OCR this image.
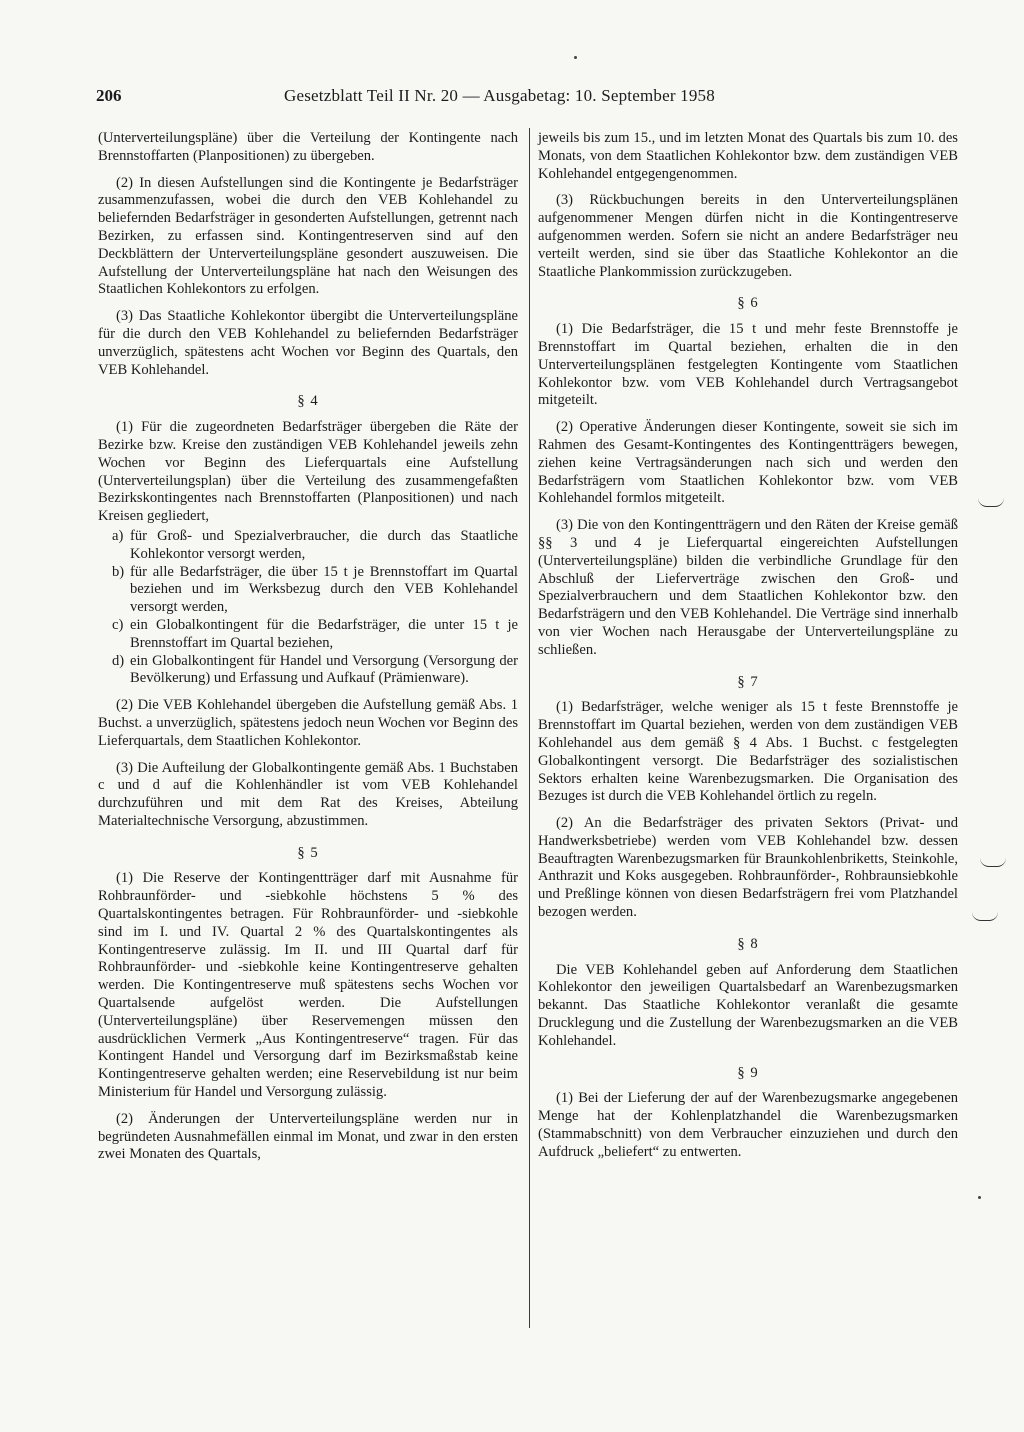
206	Gesetzblatt Teil II Nr. 20 — Ausgabetag: 10. September 1958

(Unterverteilungspläne) über die Verteilung der Kontingente nach Brennstoffarten (Planpositionen) zu übergeben.

(2) In diesen Aufstellungen sind die Kontingente je Bedarfsträger zusammenzufassen, wobei die durch den VEB Kohlehandel zu beliefernden Bedarfsträger in gesonderten Aufstellungen, getrennt nach Bezirken, zu erfassen sind. Kontingentreserven sind auf den Deckblättern der Unterverteilungspläne gesondert auszuweisen. Die Aufstellung der Unterverteilungspläne hat nach den Weisungen des Staatlichen Kohlekontors zu erfolgen.

(3) Das Staatliche Kohlekontor übergibt die Unterverteilungspläne für die durch den VEB Kohlehandel zu beliefernden Bedarfsträger unverzüglich, spätestens acht Wochen vor Beginn des Quartals, den VEB Kohlehandel.

§ 4

(1) Für die zugeordneten Bedarfsträger übergeben die Räte der Bezirke bzw. Kreise den zuständigen VEB Kohlehandel jeweils zehn Wochen vor Beginn des Lieferquartals eine Aufstellung (Unterverteilungsplan) über die Verteilung des zusammengefaßten Bezirkskontingentes nach Brennstoffarten (Planpositionen) und nach Kreisen gegliedert,

a) für Groß- und Spezialverbraucher, die durch das Staatliche Kohlekontor versorgt werden,
b) für alle Bedarfsträger, die über 15 t je Brennstoffart im Quartal beziehen und im Werksbezug durch den VEB Kohlehandel versorgt werden,
c) ein Globalkontingent für die Bedarfsträger, die unter 15 t je Brennstoffart im Quartal beziehen,
d) ein Globalkontingent für Handel und Versorgung (Versorgung der Bevölkerung) und Erfassung und Aufkauf (Prämienware).

(2) Die VEB Kohlehandel übergeben die Aufstellung gemäß Abs. 1 Buchst. a unverzüglich, spätestens jedoch neun Wochen vor Beginn des Lieferquartals, dem Staatlichen Kohlekontor.

(3) Die Aufteilung der Globalkontingente gemäß Abs. 1 Buchstaben c und d auf die Kohlenhändler ist vom VEB Kohlehandel durchzuführen und mit dem Rat des Kreises, Abteilung Materialtechnische Versorgung, abzustimmen.

§ 5

(1) Die Reserve der Kontingentträger darf mit Ausnahme für Rohbraunförder- und -siebkohle höchstens 5 % des Quartalskontingentes betragen. Für Rohbraunförder- und -siebkohle sind im I. und IV. Quartal 2 % des Quartalskontingentes als Kontingentreserve zulässig. Im II. und III Quartal darf für Rohbraunförder- und -siebkohle keine Kontingentreserve gehalten werden. Die Kontingentreserve muß spätestens sechs Wochen vor Quartalsende aufgelöst werden. Die Aufstellungen (Unterverteilungspläne) über Reservemengen müssen den ausdrücklichen Vermerk „Aus Kontingentreserve“ tragen. Für das Kontingent Handel und Versorgung darf im Bezirksmaßstab keine Kontingentreserve gehalten werden; eine Reservebildung ist nur beim Ministerium für Handel und Versorgung zulässig.

(2) Änderungen der Unterverteilungspläne werden nur in begründeten Ausnahmefällen einmal im Monat, und zwar in den ersten zwei Monaten des Quartals,

jeweils bis zum 15., und im letzten Monat des Quartals bis zum 10. des Monats, von dem Staatlichen Kohlekontor bzw. dem zuständigen VEB Kohlehandel entgegengenommen.

(3) Rückbuchungen bereits in den Unterverteilungsplänen aufgenommener Mengen dürfen nicht in die Kontingentreserve aufgenommen werden. Sofern sie nicht an andere Bedarfsträger neu verteilt werden, sind sie über das Staatliche Kohlekontor an die Staatliche Plankommission zurückzugeben.

§ 6

(1) Die Bedarfsträger, die 15 t und mehr feste Brennstoffe je Brennstoffart im Quartal beziehen, erhalten die in den Unterverteilungsplänen festgelegten Kontingente vom Staatlichen Kohlekontor bzw. vom VEB Kohlehandel durch Vertragsangebot mitgeteilt.

(2) Operative Änderungen dieser Kontingente, soweit sie sich im Rahmen des Gesamt-Kontingentes des Kontingentträgers bewegen, ziehen keine Vertragsänderungen nach sich und werden den Bedarfsträgern vom Staatlichen Kohlekontor bzw. vom VEB Kohlehandel formlos mitgeteilt.

(3) Die von den Kontingentträgern und den Räten der Kreise gemäß §§ 3 und 4 je Lieferquartal eingereichten Aufstellungen (Unterverteilungspläne) bilden die verbindliche Grundlage für den Abschluß der Lieferverträge zwischen den Groß- und Spezialverbrauchern und dem Staatlichen Kohlekontor bzw. den Bedarfsträgern und den VEB Kohlehandel. Die Verträge sind innerhalb von vier Wochen nach Herausgabe der Unterverteilungspläne zu schließen.

§ 7

(1) Bedarfsträger, welche weniger als 15 t feste Brennstoffe je Brennstoffart im Quartal beziehen, werden von dem zuständigen VEB Kohlehandel aus dem gemäß § 4 Abs. 1 Buchst. c festgelegten Globalkontingent versorgt. Die Bedarfsträger des sozialistischen Sektors erhalten keine Warenbezugsmarken. Die Organisation des Bezuges ist durch die VEB Kohlehandel örtlich zu regeln.

(2) An die Bedarfsträger des privaten Sektors (Privat- und Handwerksbetriebe) werden vom VEB Kohlehandel bzw. dessen Beauftragten Warenbezugsmarken für Braunkohlenbriketts, Steinkohle, Anthrazit und Koks ausgegeben. Rohbraunförder-, Rohbraunsiebkohle und Preßlinge können von diesen Bedarfsträgern frei vom Platzhandel bezogen werden.

§ 8

Die VEB Kohlehandel geben auf Anforderung dem Staatlichen Kohlekontor den jeweiligen Quartalsbedarf an Warenbezugsmarken bekannt. Das Staatliche Kohlekontor veranlaßt die gesamte Drucklegung und die Zustellung der Warenbezugsmarken an die VEB Kohlehandel.

§ 9

(1) Bei der Lieferung der auf der Warenbezugsmarke angegebenen Menge hat der Kohlenplatzhandel die Warenbezugsmarken (Stammabschnitt) von dem Verbraucher einzuziehen und durch den Aufdruck „beliefert“ zu entwerten.
